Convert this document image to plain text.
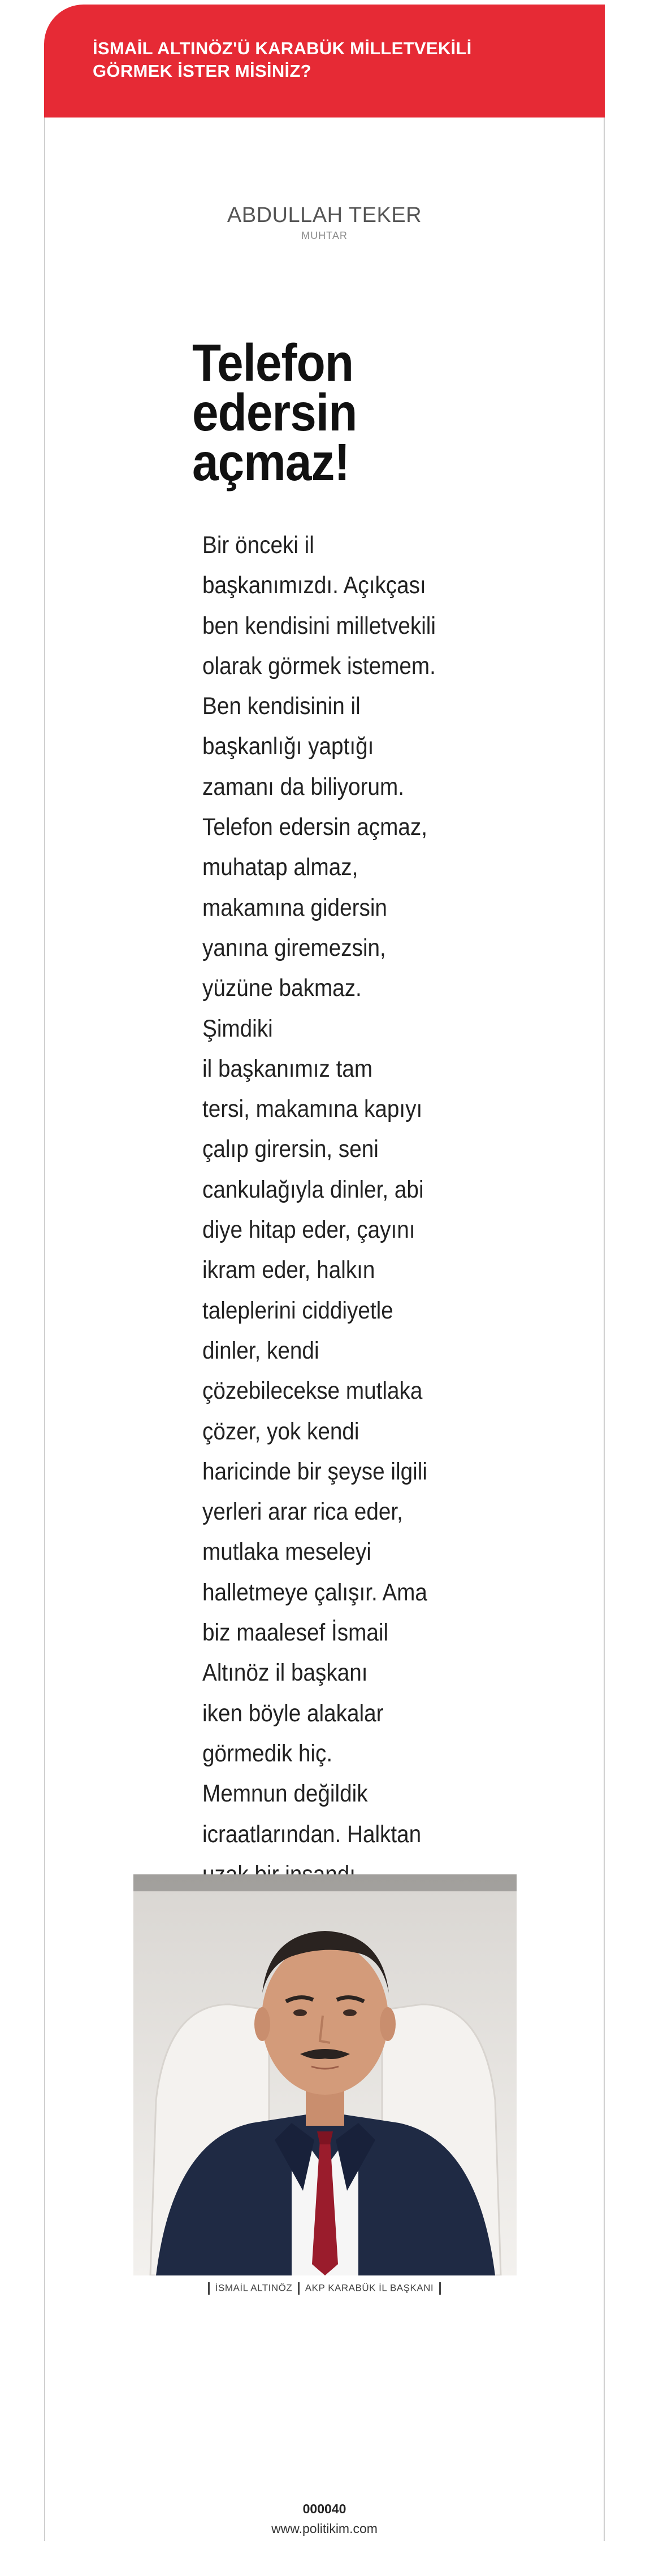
İSMAİL ALTINÖZ'Ü KARABÜK MİLLETVEKİLİ
GÖRMEK İSTER MİSİNİZ?
ABDULLAH TEKER
MUHTAR
Telefon
edersin
açmaz!
Bir önceki il
başkanımızdı. Açıkçası
ben kendisini milletvekili
olarak görmek istemem.
Ben kendisinin il
başkanlığı yaptığı
zamanı da biliyorum.
Telefon edersin açmaz,
muhatap almaz,
makamına gidersin
yanına giremezsin,
yüzüne bakmaz. Şimdiki
il başkanımız tam
tersi, makamına kapıyı
çalıp girersin, seni
cankulağıyla dinler, abi
diye hitap eder, çayını
ikram eder, halkın
taleplerini ciddiyetle
dinler, kendi
çözebilecekse mutlaka
çözer, yok kendi
haricinde bir şeyse ilgili
yerleri arar rica eder,
mutlaka meseleyi
halletmeye çalışır. Ama
biz maalesef İsmail
Altınöz il başkanı
iken böyle alakalar
görmedik hiç.
Memnun değildik
icraatlarından. Halktan

İSMAİL ALTINÖZ AKP KARABÜK İL BAŞKANI
000040
www.politikim.com
